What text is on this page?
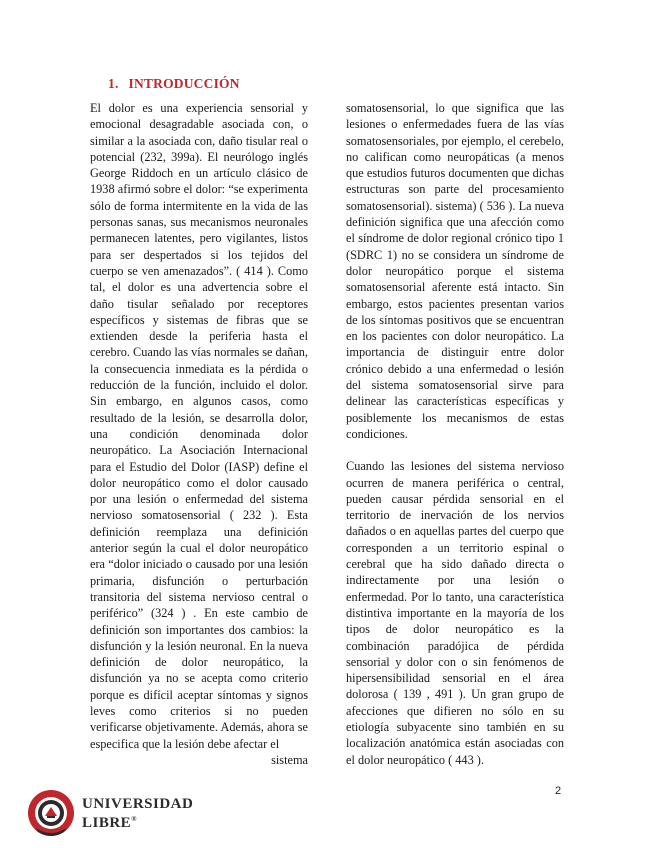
1. INTRODUCCIÓN

El dolor es una experiencia sensorial y emocional desagradable asociada con, o similar a la asociada con, daño tisular real o potencial (232, 399a). El neurólogo inglés George Riddoch en un artículo clásico de 1938 afirmó sobre el dolor: “se experimenta sólo de forma intermitente en la vida de las personas sanas, sus mecanismos neuronales permanecen latentes, pero vigilantes, listos para ser despertados si los tejidos del cuerpo se ven amenazados”. ( 414 ). Como tal, el dolor es una advertencia sobre el daño tisular señalado por receptores específicos y sistemas de fibras que se extienden desde la periferia hasta el cerebro. Cuando las vías normales se dañan, la consecuencia inmediata es la pérdida o reducción de la función, incluido el dolor. Sin embargo, en algunos casos, como resultado de la lesión, se desarrolla dolor, una condición denominada dolor neuropático. La Asociación Internacional para el Estudio del Dolor (IASP) define el dolor neuropático como el dolor causado por una lesión o enfermedad del sistema nervioso somatosensorial ( 232 ). Esta definición reemplaza una definición anterior según la cual el dolor neuropático era “dolor iniciado o causado por una lesión primaria, disfunción o perturbación transitoria del sistema nervioso central o periférico” (324 ) . En este cambio de definición son importantes dos cambios: la disfunción y la lesión neuronal. En la nueva definición de dolor neuropático, la disfunción ya no se acepta como criterio porque es difícil aceptar síntomas y signos leves como criterios si no pueden verificarse objetivamente. Además, ahora se especifica que la lesión debe afectar el

sistema

somatosensorial, lo que significa que las lesiones o enfermedades fuera de las vías somatosensoriales, por ejemplo, el cerebelo, no califican como neuropáticas (a menos que estudios futuros documenten que dichas estructuras son parte del procesamiento somatosensorial). sistema) ( 536 ). La nueva definición significa que una afección como el síndrome de dolor regional crónico tipo 1 (SDRC 1) no se considera un síndrome de dolor neuropático porque el sistema somatosensorial aferente está intacto. Sin embargo, estos pacientes presentan varios de los síntomas positivos que se encuentran en los pacientes con dolor neuropático. La importancia de distinguir entre dolor crónico debido a una enfermedad o lesión del sistema somatosensorial sirve para delinear las características específicas y posiblemente los mecanismos de estas condiciones.

Cuando las lesiones del sistema nervioso ocurren de manera periférica o central, pueden causar pérdida sensorial en el territorio de inervación de los nervios dañados o en aquellas partes del cuerpo que corresponden a un territorio espinal o cerebral que ha sido dañado directa o indirectamente por una lesión o enfermedad. Por lo tanto, una característica distintiva importante en la mayoría de los tipos de dolor neuropático es la combinación paradójica de pérdida sensorial y dolor con o sin fenómenos de hipersensibilidad sensorial en el área dolorosa ( 139 , 491 ). Un gran grupo de afecciones que difieren no sólo en su etiología subyacente sino también en su localización anatómica están asociadas con el dolor neuropático ( 443 ).

2
UNIVERSIDAD
LIBRE®
